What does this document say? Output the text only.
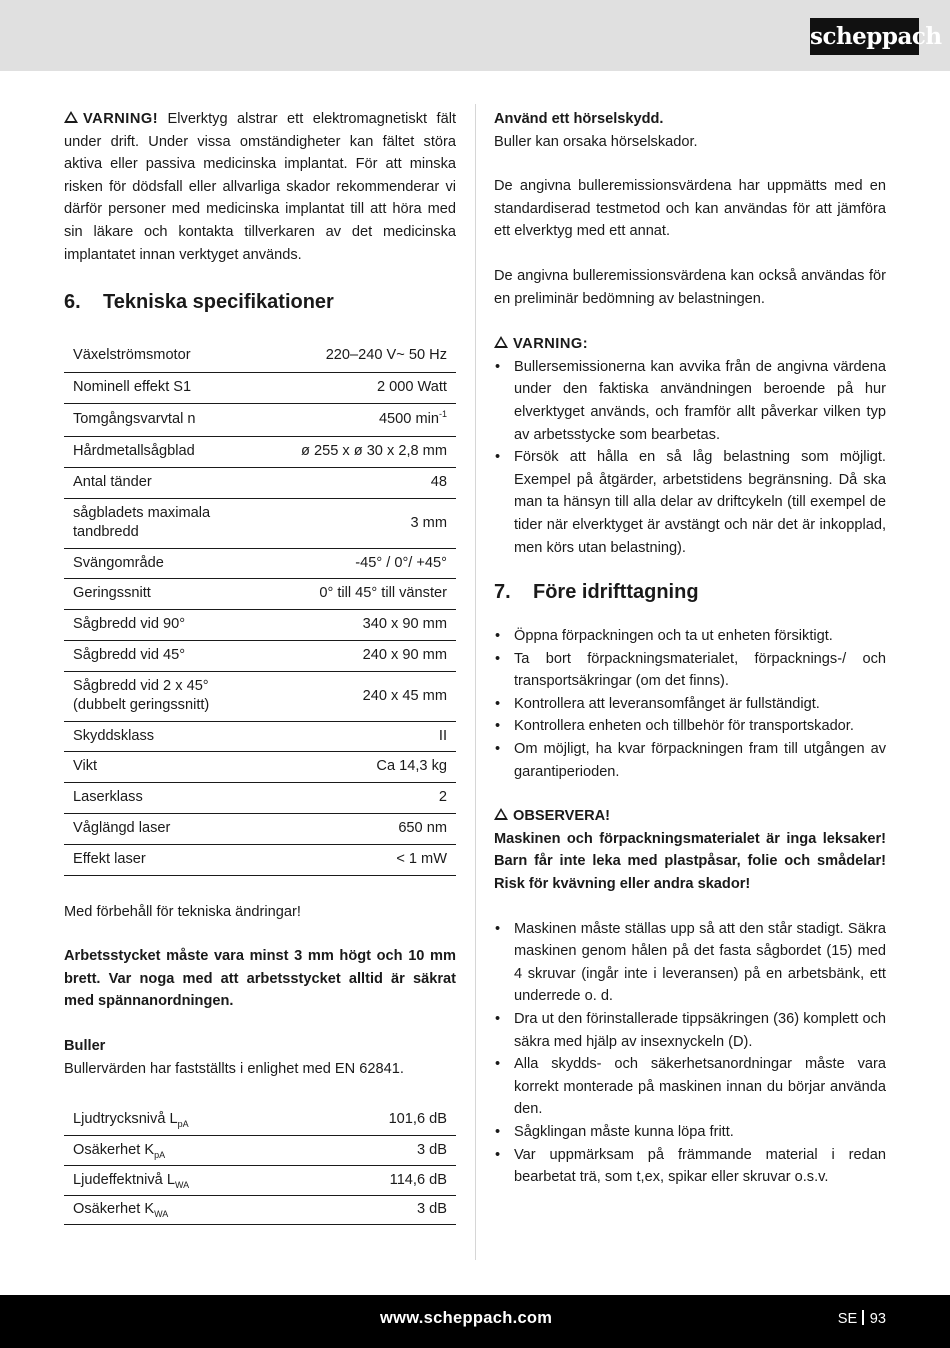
scheppach

VARNING! Elverktyg alstrar ett elektromagnetiskt fält under drift. Under vissa omständigheter kan fältet störa aktiva eller passiva medicinska implantat. För att minska risken för dödsfall eller allvarliga skador rekommenderar vi därför personer med medicinska implantat till att höra med sin läkare och kontakta tillverkaren av det medicinska implantatet innan verktyget används.

6.	Tekniska specifikationer
Växelströmsmotor	220–240 V~ 50 Hz
Nominell effekt S1	2 000 Watt
Tomgångsvarvtal n	4500 $\min^{-1}$
Hårdmetallsågblad	ø 255 x ø 30 x 2,8 mm
Antal tänder	48
sågbladets maximala tandbredd	3 mm
Svängområde	-45° / 0°/ +45°
Geringssnitt	0° till 45° till vänster
Sågbredd vid 90°	340 x 90 mm
Sågbredd vid 45°	240 x 90 mm
Sågbredd vid 2 x 45° (dubbelt geringssnitt)	240 x 45 mm
Skyddsklass	II
Vikt	Ca 14,3 kg
Laserklass	2
Våglängd laser	650 nm
Effekt laser	< 1 mW

Med förbehåll för tekniska ändringar!

Arbetsstycket måste vara minst 3 mm högt och 10 mm brett. Var noga med att arbetsstycket alltid är säkrat med spännanordningen.

Buller

Bullervärden har fastställts i enlighet med EN 62841.

Ljudtrycksnivå $L_{pA}$	101,6 dB
Osäkerhet $K_{pA}$	3 dB
Ljudeffektnivå $L_{WA}$	114,6 dB
Osäkerhet $K_{WA}$	3 dB

Använd ett hörselskydd.

Buller kan orsaka hörselskador.

De angivna bulleremissionsvärdena har uppmätts med en standardiserad testmetod och kan användas för att jämföra ett elverktyg med ett annat.

De angivna bulleremissionsvärdena kan också användas för en preliminär bedömning av belastningen.

VARNING:

• Bullersemissionerna kan avvika från de angivna värdena under den faktiska användningen beroende på hur elverktyget används, och framför allt påverkar vilken typ av arbetsstycke som bearbetas.
• Försök att hålla en så låg belastning som möjligt. Exempel på åtgärder, arbetstidens begränsning. Då ska man ta hänsyn till alla delar av driftcykeln (till exempel de tider när elverktyget är avstängt och när det är inkopplad, men körs utan belastning).
7.	Före idrifttagning
• Öppna förpackningen och ta ut enheten försiktigt.
• Ta bort förpackningsmaterialet, förpacknings-/ och transportsäkringar (om det finns).
• Kontrollera att leveransomfånget är fullständigt.
• Kontrollera enheten och tillbehör för transportskador.
• Om möjligt, ha kvar förpackningen fram till utgången av garantiperioden.

OBSERVERA!

Maskinen och förpackningsmaterialet är inga leksaker! Barn får inte leka med plastpåsar, folie och smådelar! Risk för kvävning eller andra skador!

• Maskinen måste ställas upp så att den står stadigt. Säkra maskinen genom hålen på det fasta sågbordet (15) med 4 skruvar (ingår inte i leveransen) på en arbetsbänk, ett underrede o. d.
• Dra ut den förinstallerade tippsäkringen (36) komplett och säkra med hjälp av insexnyckeln (D).
• Alla skydds- och säkerhetsanordningar måste vara korrekt monterade på maskinen innan du börjar använda den.
• Sågklingan måste kunna löpa fritt.
• Var uppmärksam på främmande material i redan bearbetat trä, som t,ex, spikar eller skruvar o.s.v.
www.scheppach.com	SE 93
